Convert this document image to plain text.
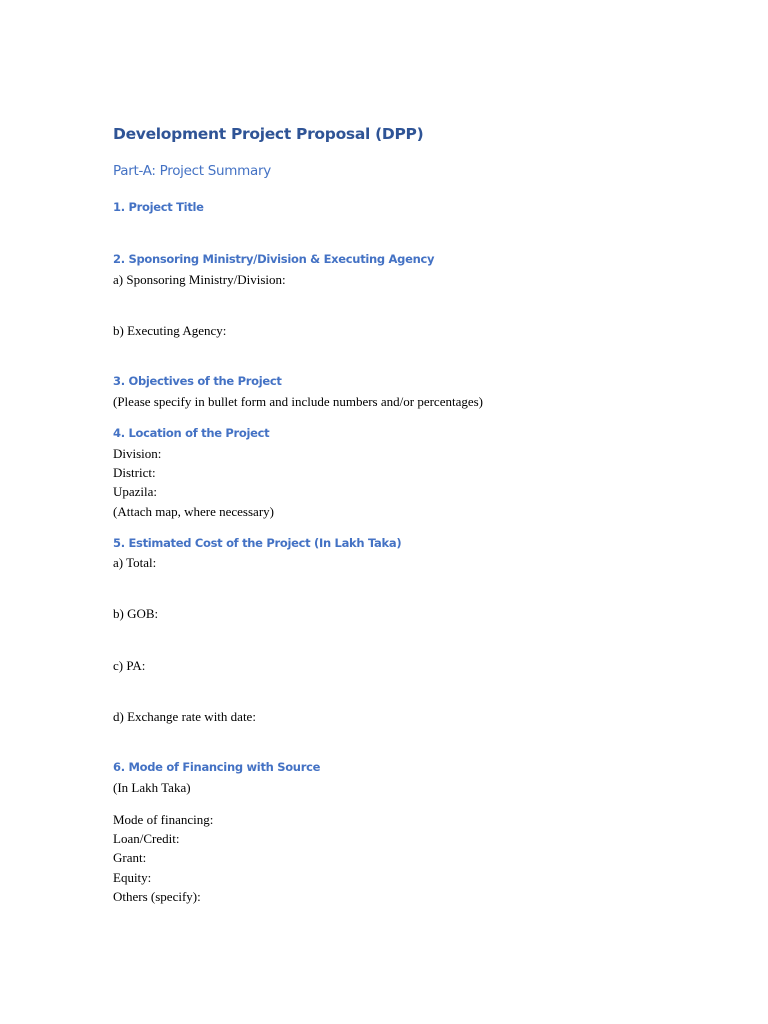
Development Project Proposal (DPP)
Part-A: Project Summary
1. Project Title
2. Sponsoring Ministry/Division & Executing Agency
a) Sponsoring Ministry/Division:
b) Executing Agency:
3. Objectives of the Project
(Please specify in bullet form and include numbers and/or percentages)
4. Location of the Project
Division:
District:
Upazila:
(Attach map, where necessary)
5. Estimated Cost of the Project (In Lakh Taka)
a) Total:
b) GOB:
c) PA:
d) Exchange rate with date:
6. Mode of Financing with Source
(In Lakh Taka)
Mode of financing:
Loan/Credit:
Grant:
Equity:
Others (specify):
